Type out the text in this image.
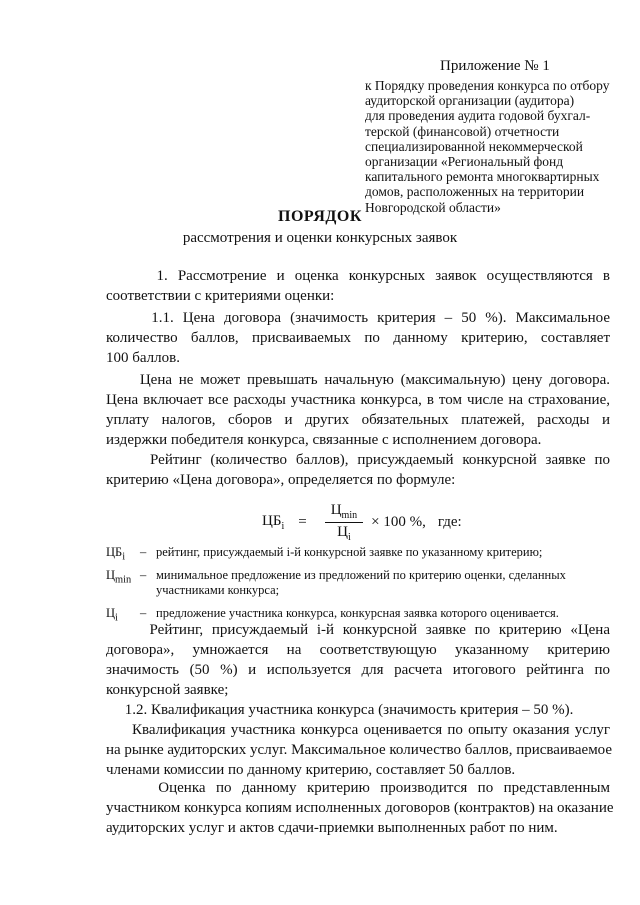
Приложение № 1
к Порядку проведения конкурса по отбору
аудиторской организации (аудитора)
для проведения аудита годовой бухгал-
терской (финансовой) отчетности
специализированной некоммерческой
организации «Региональный фонд
капитального ремонта многоквартирных
домов, расположенных на территории
Новгородской области»
ПОРЯДОК
рассмотрения и оценки конкурсных заявок
1. Рассмотрение и оценка конкурсных заявок осуществляются в
соответствии с критериями оценки:
1.1. Цена договора (значимость критерия – 50 %). Максимальное
количество баллов, присваиваемых по данному критерию, составляет
100 баллов.
Цена не может превышать начальную (максимальную) цену договора.
Цена включает все расходы участника конкурса, в том числе на страхование,
уплату налогов, сборов и других обязательных платежей, расходы и
издержки победителя конкурса, связанные с исполнением договора.
Рейтинг (количество баллов), присуждаемый конкурсной заявке по
критерию «Цена договора», определяется по формуле:
$ЦБ_i = \frac{Ц_{min}}{Ц_i} \times 100$ %, где:
$ЦБ_i$ – рейтинг, присуждаемый i-й конкурсной заявке по указанному критерию;
$Ц_{min}$ – минимальное предложение из предложений по критерию оценки, сделанных
участниками конкурса;
$Ц_i$ – предложение участника конкурса, конкурсная заявка которого оценивается.
Рейтинг, присуждаемый i-й конкурсной заявке по критерию «Цена
договора», умножается на соответствующую указанному критерию
значимость (50 %) и используется для расчета итогового рейтинга по
конкурсной заявке;
1.2. Квалификация участника конкурса (значимость критерия – 50 %).
Квалификация участника конкурса оценивается по опыту оказания услуг
на рынке аудиторских услуг. Максимальное количество баллов, присваиваемое
членами комиссии по данному критерию, составляет 50 баллов.
Оценка по данному критерию производится по представленным
участником конкурса копиям исполненных договоров (контрактов) на оказание
аудиторских услуг и актов сдачи-приемки выполненных работ по ним.
